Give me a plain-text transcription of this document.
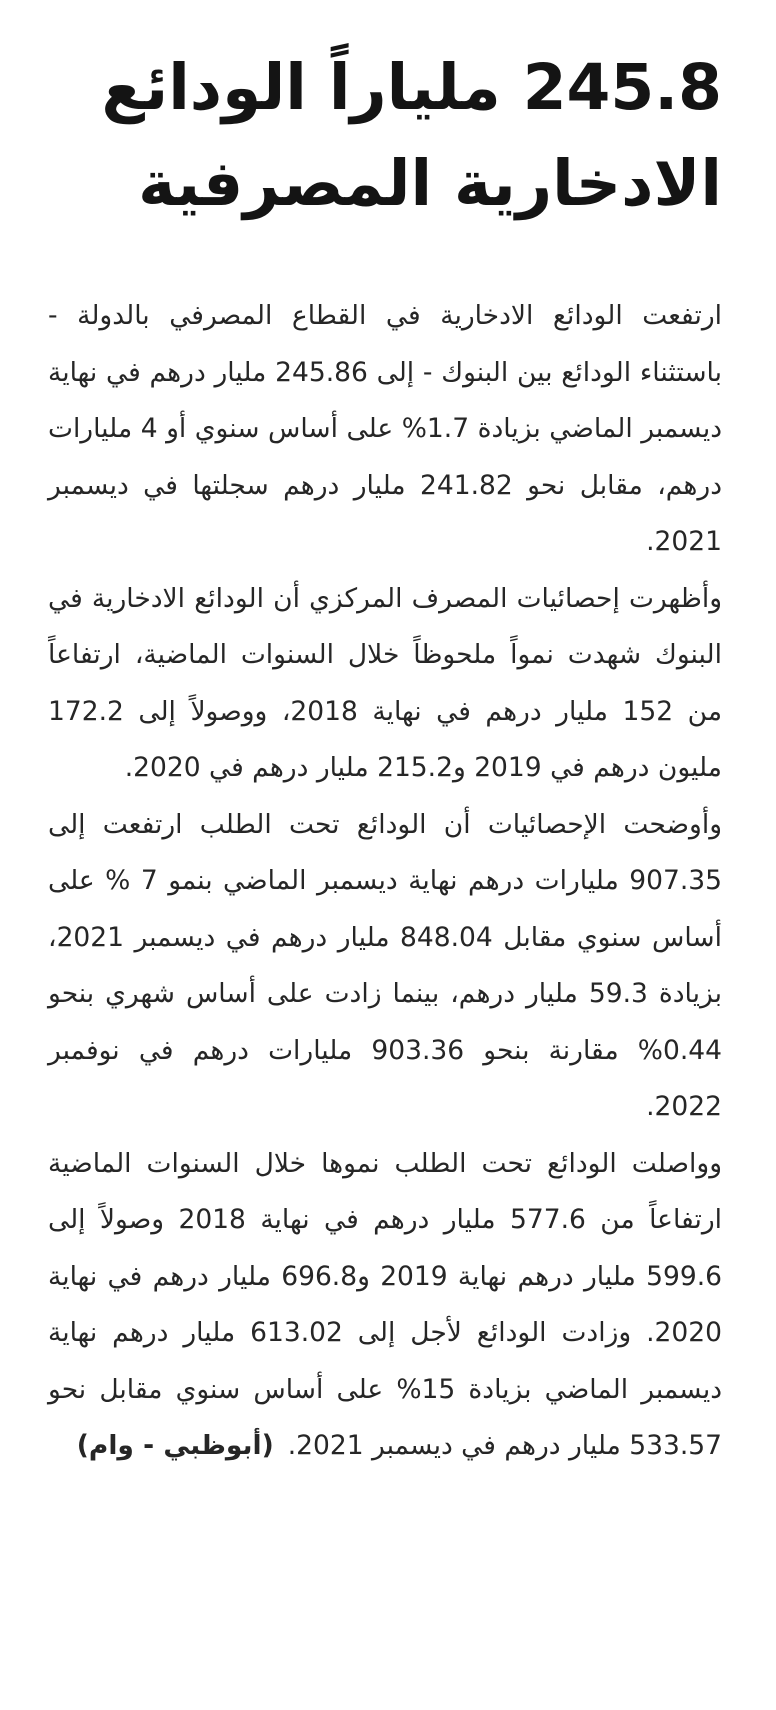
245.8 ملياراً الودائع
الادخارية المصرفية

ارتفعت الودائع الادخارية في القطاع المصرفي بالدولة - باستثناء الودائع بين البنوك - إلى 245.86 مليار درهم في نهاية ديسمبر الماضي بزيادة 1.7% على أساس سنوي أو 4 مليارات درهم، مقابل نحو 241.82 مليار درهم سجلتها في ديسمبر 2021.

وأظهرت إحصائيات المصرف المركزي أن الودائع الادخارية في البنوك شهدت نمواً ملحوظاً خلال السنوات الماضية، ارتفاعاً من 152 مليار درهم في نهاية 2018، ووصولاً إلى 172.2 مليون درهم في 2019 و215.2 مليار درهم في 2020.

وأوضحت الإحصائيات أن الودائع تحت الطلب ارتفعت إلى 907.35 مليارات درهم نهاية ديسمبر الماضي بنمو 7 % على أساس سنوي مقابل 848.04 مليار درهم في ديسمبر 2021، بزيادة 59.3 مليار درهم، بينما زادت على أساس شهري بنحو 0.44% مقارنة بنحو 903.36 مليارات درهم في نوفمبر 2022.

وواصلت الودائع تحت الطلب نموها خلال السنوات الماضية ارتفاعاً من 577.6 مليار درهم في نهاية 2018 وصولاً إلى 599.6 مليار درهم نهاية 2019 و696.8 مليار درهم في نهاية 2020. وزادت الودائع لأجل إلى 613.02 مليار درهم نهاية ديسمبر الماضي بزيادة 15% على أساس سنوي مقابل نحو 533.57 مليار درهم في ديسمبر 2021.(أبوظبي - وام)
